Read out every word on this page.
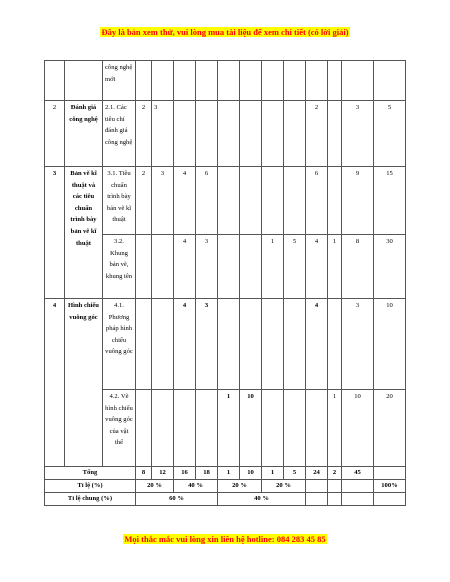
Đây là bản xem thử, vui lòng mua tài liệu để xem chi tiết (có lời giải)
		công nghệ mới													
2	Đánh giá công nghệ	2.1. Các tiêu chí đánh giá công nghệ	2	3							2		3	5	
3	Bản vẽ kĩ thuật và các tiêu chuẩn trình bày bản vẽ kĩ thuật	3.1. Tiêu chuẩn trình bày bản vẽ kĩ thuật	2	3	4	6					6		9	15	
		3.2. Khung bản vẽ, khung tên			4	3			1	5	4	1	8	30	
4	Hình chiếu vuông góc	4.1. Phương pháp hình chiếu vuông góc			4	3					4		3	10	
		4.2. Vẽ hình chiếu vuông góc của vật thể					1	10				1	10	20	
Tổng			8	12	16	18	1	10	1	5	24	2	45		
Tỉ lệ (%)			20 %		40 %		20 %		20 %					100%	
Tỉ lệ chung (%)			60 %				40 %								
Mọi thắc mắc vui lòng xin liên hệ hotline: 084 283 45 85
